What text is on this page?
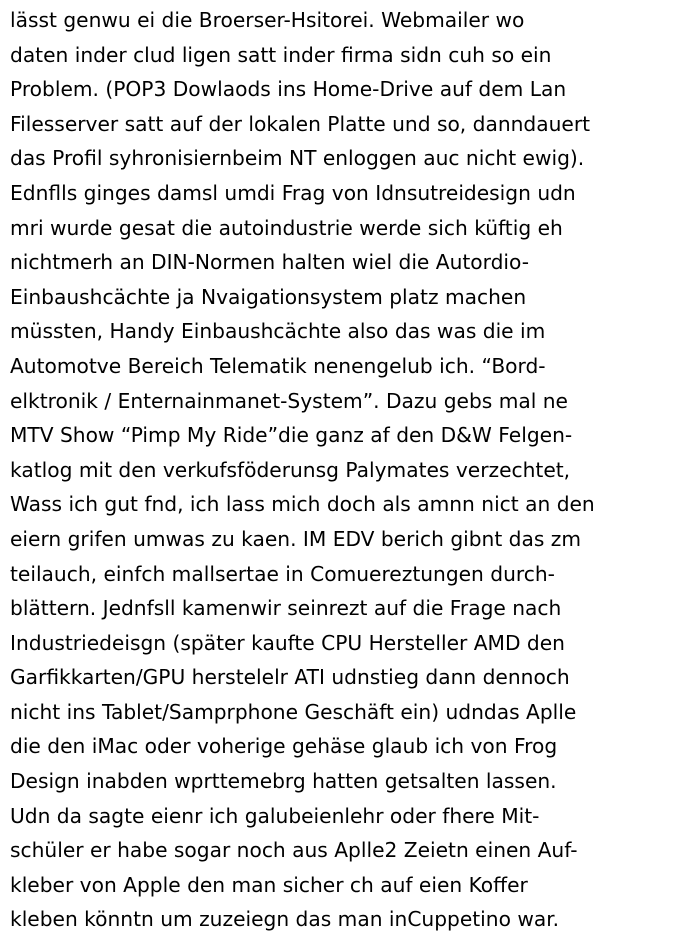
lässt genwu ei die Broerser-Hsitorei. Webmailer wo
daten inder clud ligen satt inder firma sidn cuh so ein
Problem. (POP3 Dowlaods ins Home-Drive auf dem Lan
Filesserver satt auf der lokalen Platte und so, danndauert
das Profil syhronisiernbeim NT enloggen auc nicht ewig).
Ednflls ginges damsl umdi Frag von Idnsutreidesign udn
mri wurde gesat die autoindustrie werde sich küftig eh
nichtmerh an DIN-Normen halten wiel die Autordio-
Einbaushcächte ja Nvaigationsystem platz machen
müssten, Handy Einbaushcächte also das was die im
Automotve Bereich Telematik nenengelub ich. “Bord-
elktronik / Enternainmanet-System”. Dazu gebs mal ne
MTV Show “Pimp My Ride”die ganz af den D&W Felgen-
katlog mit den verkufsföderunsg Palymates verzechtet,
Wass ich gut fnd, ich lass mich doch als amnn nict an den
eiern grifen umwas zu kaen. IM EDV berich gibnt das zm
teilauch, einfch mallsertae in Comuereztungen durch-
blättern. Jednfsll kamenwir seinrezt auf die Frage nach
Industriedeisgn (später kaufte CPU Hersteller AMD den
Garfikkarten/GPU herstelelr ATI udnstieg dann dennoch
nicht ins Tablet/Samprphone Geschäft ein) udndas Aplle
die den iMac oder voherige gehäse glaub ich von Frog
Design inabden wprttemebrg hatten getsalten lassen.
Udn da sagte eienr ich galubeienlehr oder fhere Mit-
schüler er habe sogar noch aus Aplle2 Zeietn einen Auf-
kleber von Apple den man sicher ch auf eien Koffer
kleben könntn um zuzeiegn das man inCuppetino war.
